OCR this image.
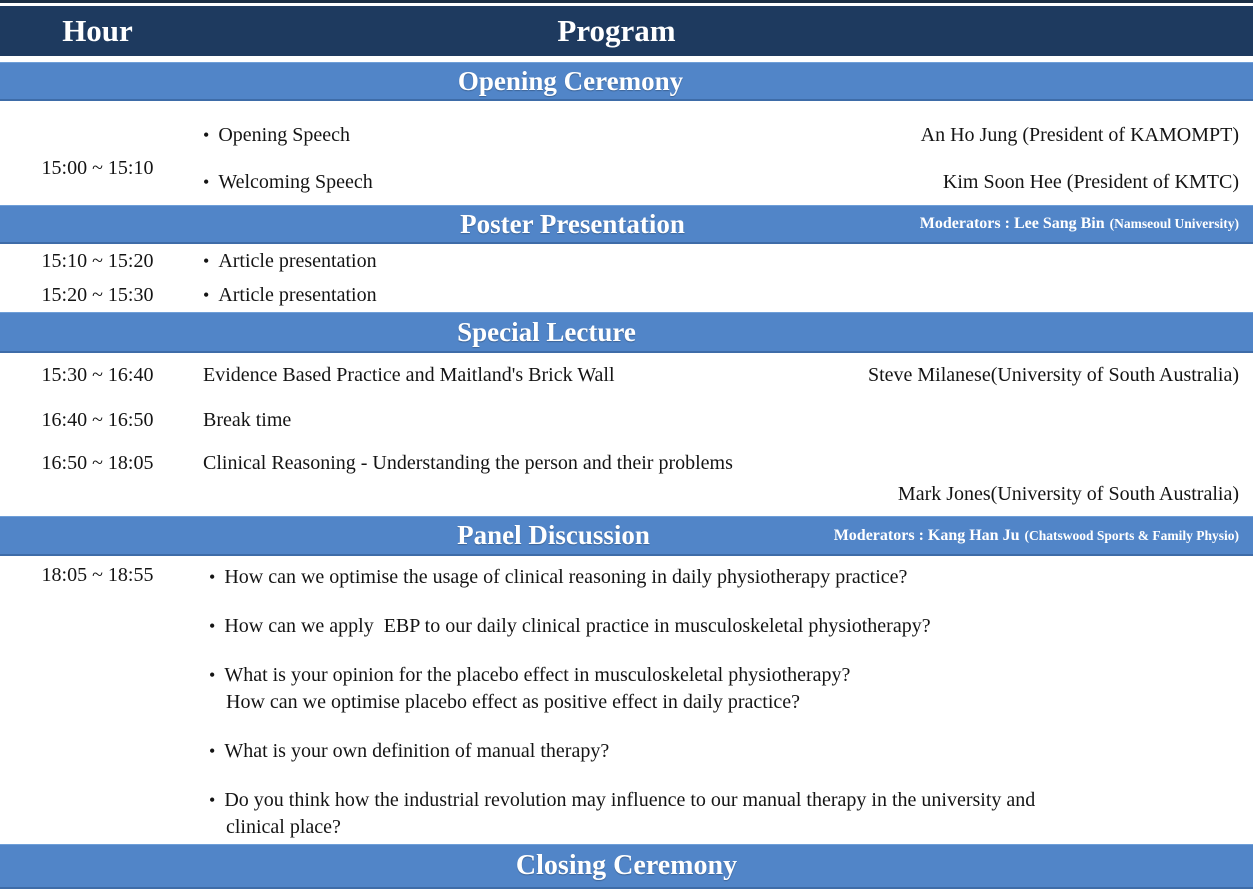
Hour	Program
Opening Ceremony
15:00 ~ 15:10
• Opening Speech	An Ho Jung (President of KAMOMPT)
• Welcoming Speech	Kim Soon Hee (President of KMTC)
Poster Presentation	Moderators : Lee Sang Bin (Namseoul University)
15:10 ~ 15:20	• Article presentation
15:20 ~ 15:30	• Article presentation
Special Lecture
15:30 ~ 16:40	Evidence Based Practice and Maitland's Brick Wall	Steve Milanese(University of South Australia)
16:40 ~ 16:50	Break time
16:50 ~ 18:05	Clinical Reasoning - Understanding the person and their problems
Mark Jones(University of South Australia)
Panel Discussion	Moderators : Kang Han Ju (Chatswood Sports & Family Physio)
18:05 ~ 18:55	• How can we optimise the usage of clinical reasoning in daily physiotherapy practice?
• How can we apply  EBP to our daily clinical practice in musculoskeletal physiotherapy?
• What is your opinion for the placebo effect in musculoskeletal physiotherapy?
How can we optimise placebo effect as positive effect in daily practice?
• What is your own definition of manual therapy?
• Do you think how the industrial revolution may influence to our manual therapy in the university and
clinical place?
Closing Ceremony
